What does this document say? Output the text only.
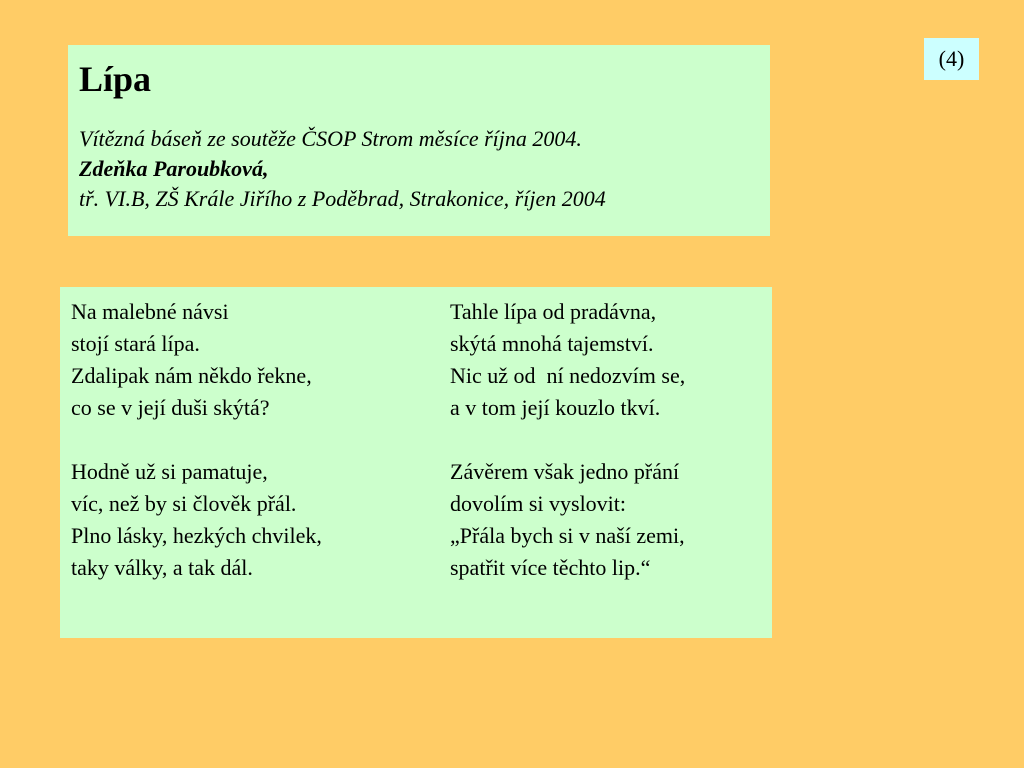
(4)
Lípa
Vítězná báseň ze soutěže ČSOP Strom měsíce října 2004.
Zdeňka Paroubková,
tř. VI.B, ZŠ Krále Jiřího z Poděbrad, Strakonice, říjen 2004
Na malebné návsi
stojí stará lípa.
Zdalipak nám někdo řekne,
co se v její duši skýtá?
Hodně už si pamatuje,
víc, než by si člověk přál.
Plno lásky, hezkých chvilek,
taky války, a tak dál.
Tahle lípa od pradávna,
skýtá mnohá tajemství.
Nic už od  ní nedozvím se,
a v tom její kouzlo tkví.
Závěrem však jedno přání
dovolím si vyslovit:
„Přála bych si v naší zemi,
spatřit více těchto lip.“
